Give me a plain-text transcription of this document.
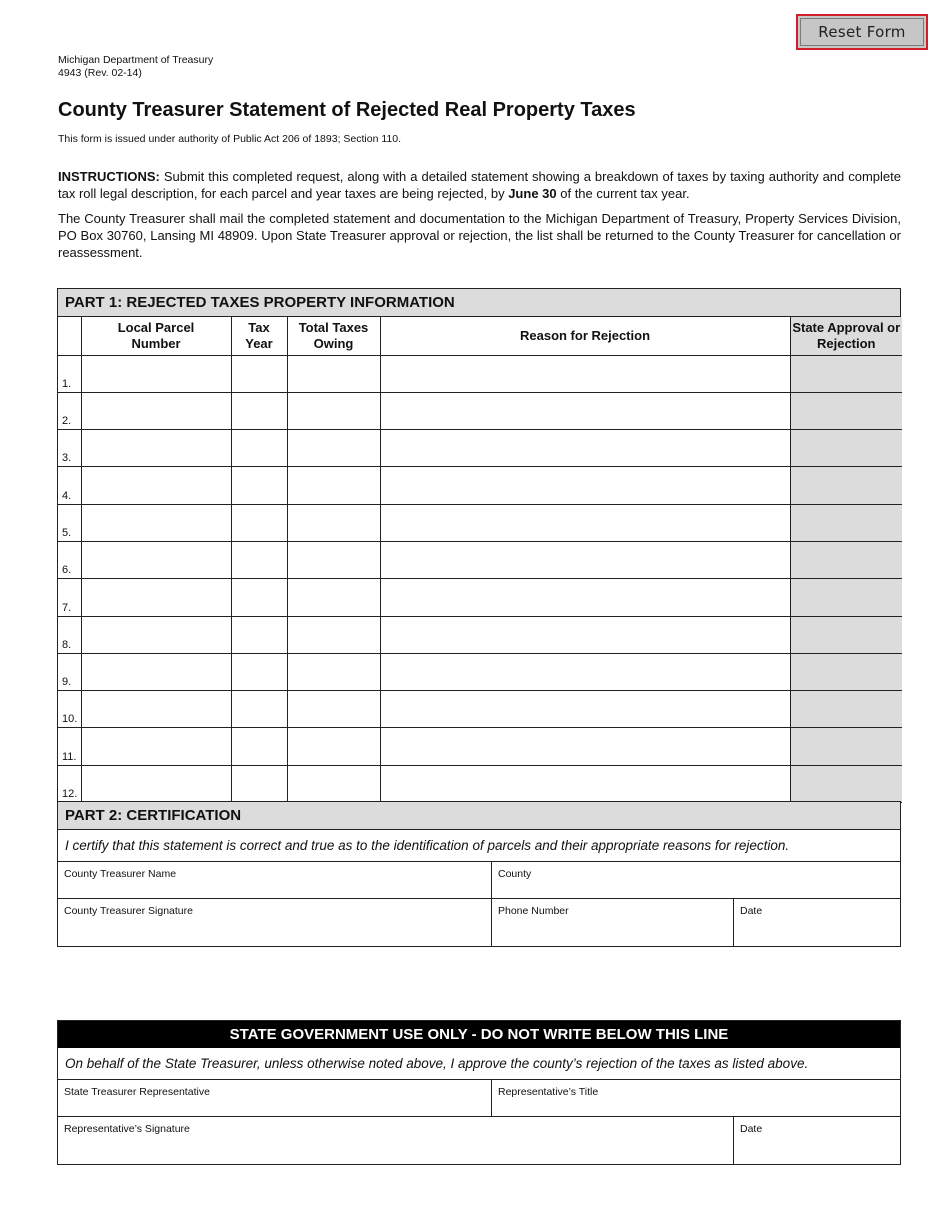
Reset Form
Michigan Department of Treasury
4943 (Rev. 02-14)
County Treasurer Statement of Rejected Real Property Taxes
This form is issued under authority of Public Act 206 of 1893; Section 110.
INSTRUCTIONS: Submit this completed request, along with a detailed statement showing a breakdown of taxes by taxing authority and complete tax roll legal description, for each parcel and year taxes are being rejected, by June 30 of the current tax year.
The County Treasurer shall mail the completed statement and documentation to the Michigan Department of Treasury, Property Services Division, PO Box 30760, Lansing MI 48909. Upon State Treasurer approval or rejection, the list shall be returned to the County Treasurer for cancellation or reassessment.
PART 1: REJECTED TAXES PROPERTY INFORMATION
	Local Parcel Number	Tax Year	Total Taxes Owing	Reason for Rejection	State Approval or Rejection
1.					
2.					
3.					
4.					
5.					
6.					
7.					
8.					
9.					
10.					
11.					
12.					
PART 2: CERTIFICATION
I certify that this statement is correct and true as to the identification of parcels and their appropriate reasons for rejection.
County Treasurer Name	County
County Treasurer Signature	Phone Number	Date
STATE GOVERNMENT USE ONLY - DO NOT WRITE BELOW THIS LINE
On behalf of the State Treasurer, unless otherwise noted above, I approve the county’s rejection of the taxes as listed above.
State Treasurer Representative	Representative’s Title
Representative’s Signature	Date
